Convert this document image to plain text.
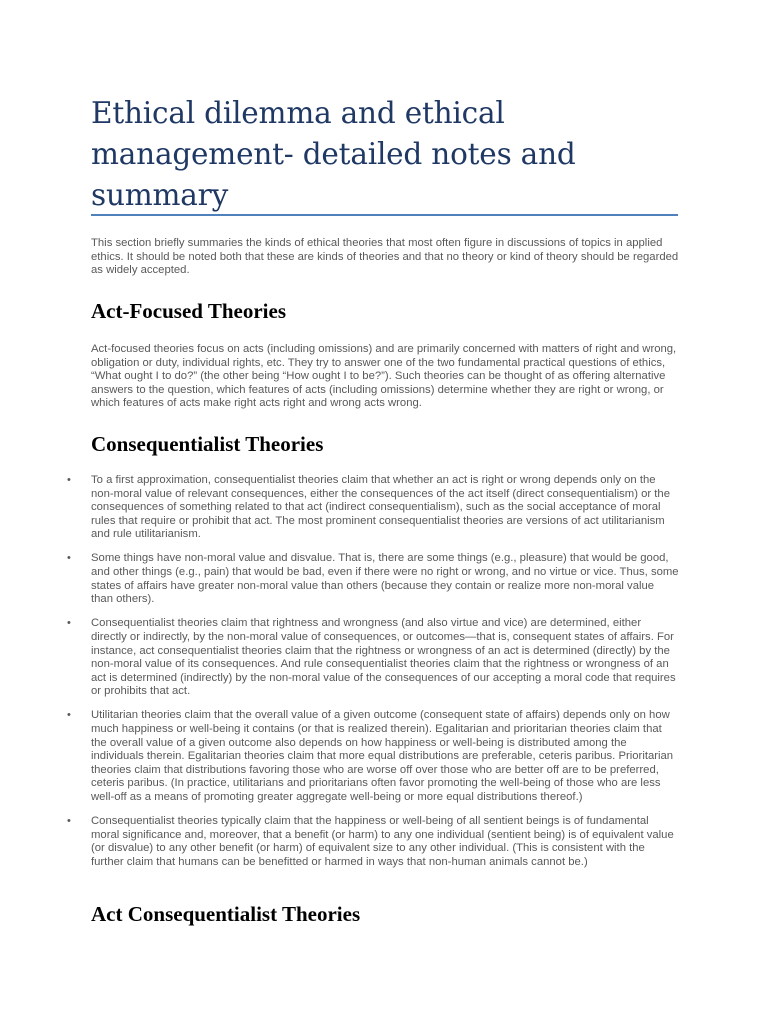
Ethical dilemma and ethical management- detailed notes and summary

This section briefly summaries the kinds of ethical theories that most often figure in discussions of topics in applied ethics. It should be noted both that these are kinds of theories and that no theory or kind of theory should be regarded as widely accepted.

Act-Focused Theories

Act-focused theories focus on acts (including omissions) and are primarily concerned with matters of right and wrong, obligation or duty, individual rights, etc. They try to answer one of the two fundamental practical questions of ethics, “What ought I to do?” (the other being “How ought I to be?”). Such theories can be thought of as offering alternative answers to the question, which features of acts (including omissions) determine whether they are right or wrong, or which features of acts make right acts right and wrong acts wrong.

Consequentialist Theories
• To a first approximation, consequentialist theories claim that whether an act is right or wrong depends only on the non-moral value of relevant consequences, either the consequences of the act itself (direct consequentialism) or the consequences of something related to that act (indirect consequentialism), such as the social acceptance of moral rules that require or prohibit that act. The most prominent consequentialist theories are versions of act utilitarianism and rule utilitarianism.
• Some things have non-moral value and disvalue. That is, there are some things (e.g., pleasure) that would be good, and other things (e.g., pain) that would be bad, even if there were no right or wrong, and no virtue or vice. Thus, some states of affairs have greater non-moral value than others (because they contain or realize more non-moral value than others).
• Consequentialist theories claim that rightness and wrongness (and also virtue and vice) are determined, either directly or indirectly, by the non-moral value of consequences, or outcomes—that is, consequent states of affairs. For instance, act consequentialist theories claim that the rightness or wrongness of an act is determined (directly) by the non-moral value of its consequences. And rule consequentialist theories claim that the rightness or wrongness of an act is determined (indirectly) by the non-moral value of the consequences of our accepting a moral code that requires or prohibits that act.
• Utilitarian theories claim that the overall value of a given outcome (consequent state of affairs) depends only on how much happiness or well-being it contains (or that is realized therein). Egalitarian and prioritarian theories claim that the overall value of a given outcome also depends on how happiness or well-being is distributed among the individuals therein. Egalitarian theories claim that more equal distributions are preferable, ceteris paribus. Prioritarian theories claim that distributions favoring those who are worse off over those who are better off are to be preferred, ceteris paribus. (In practice, utilitarians and prioritarians often favor promoting the well-being of those who are less well-off as a means of promoting greater aggregate well-being or more equal distributions thereof.)
• Consequentialist theories typically claim that the happiness or well-being of all sentient beings is of fundamental moral significance and, moreover, that a benefit (or harm) to any one individual (sentient being) is of equivalent value (or disvalue) to any other benefit (or harm) of equivalent size to any other individual. (This is consistent with the further claim that humans can be benefitted or harmed in ways that non-human animals cannot be.)
Act Consequentialist Theories
